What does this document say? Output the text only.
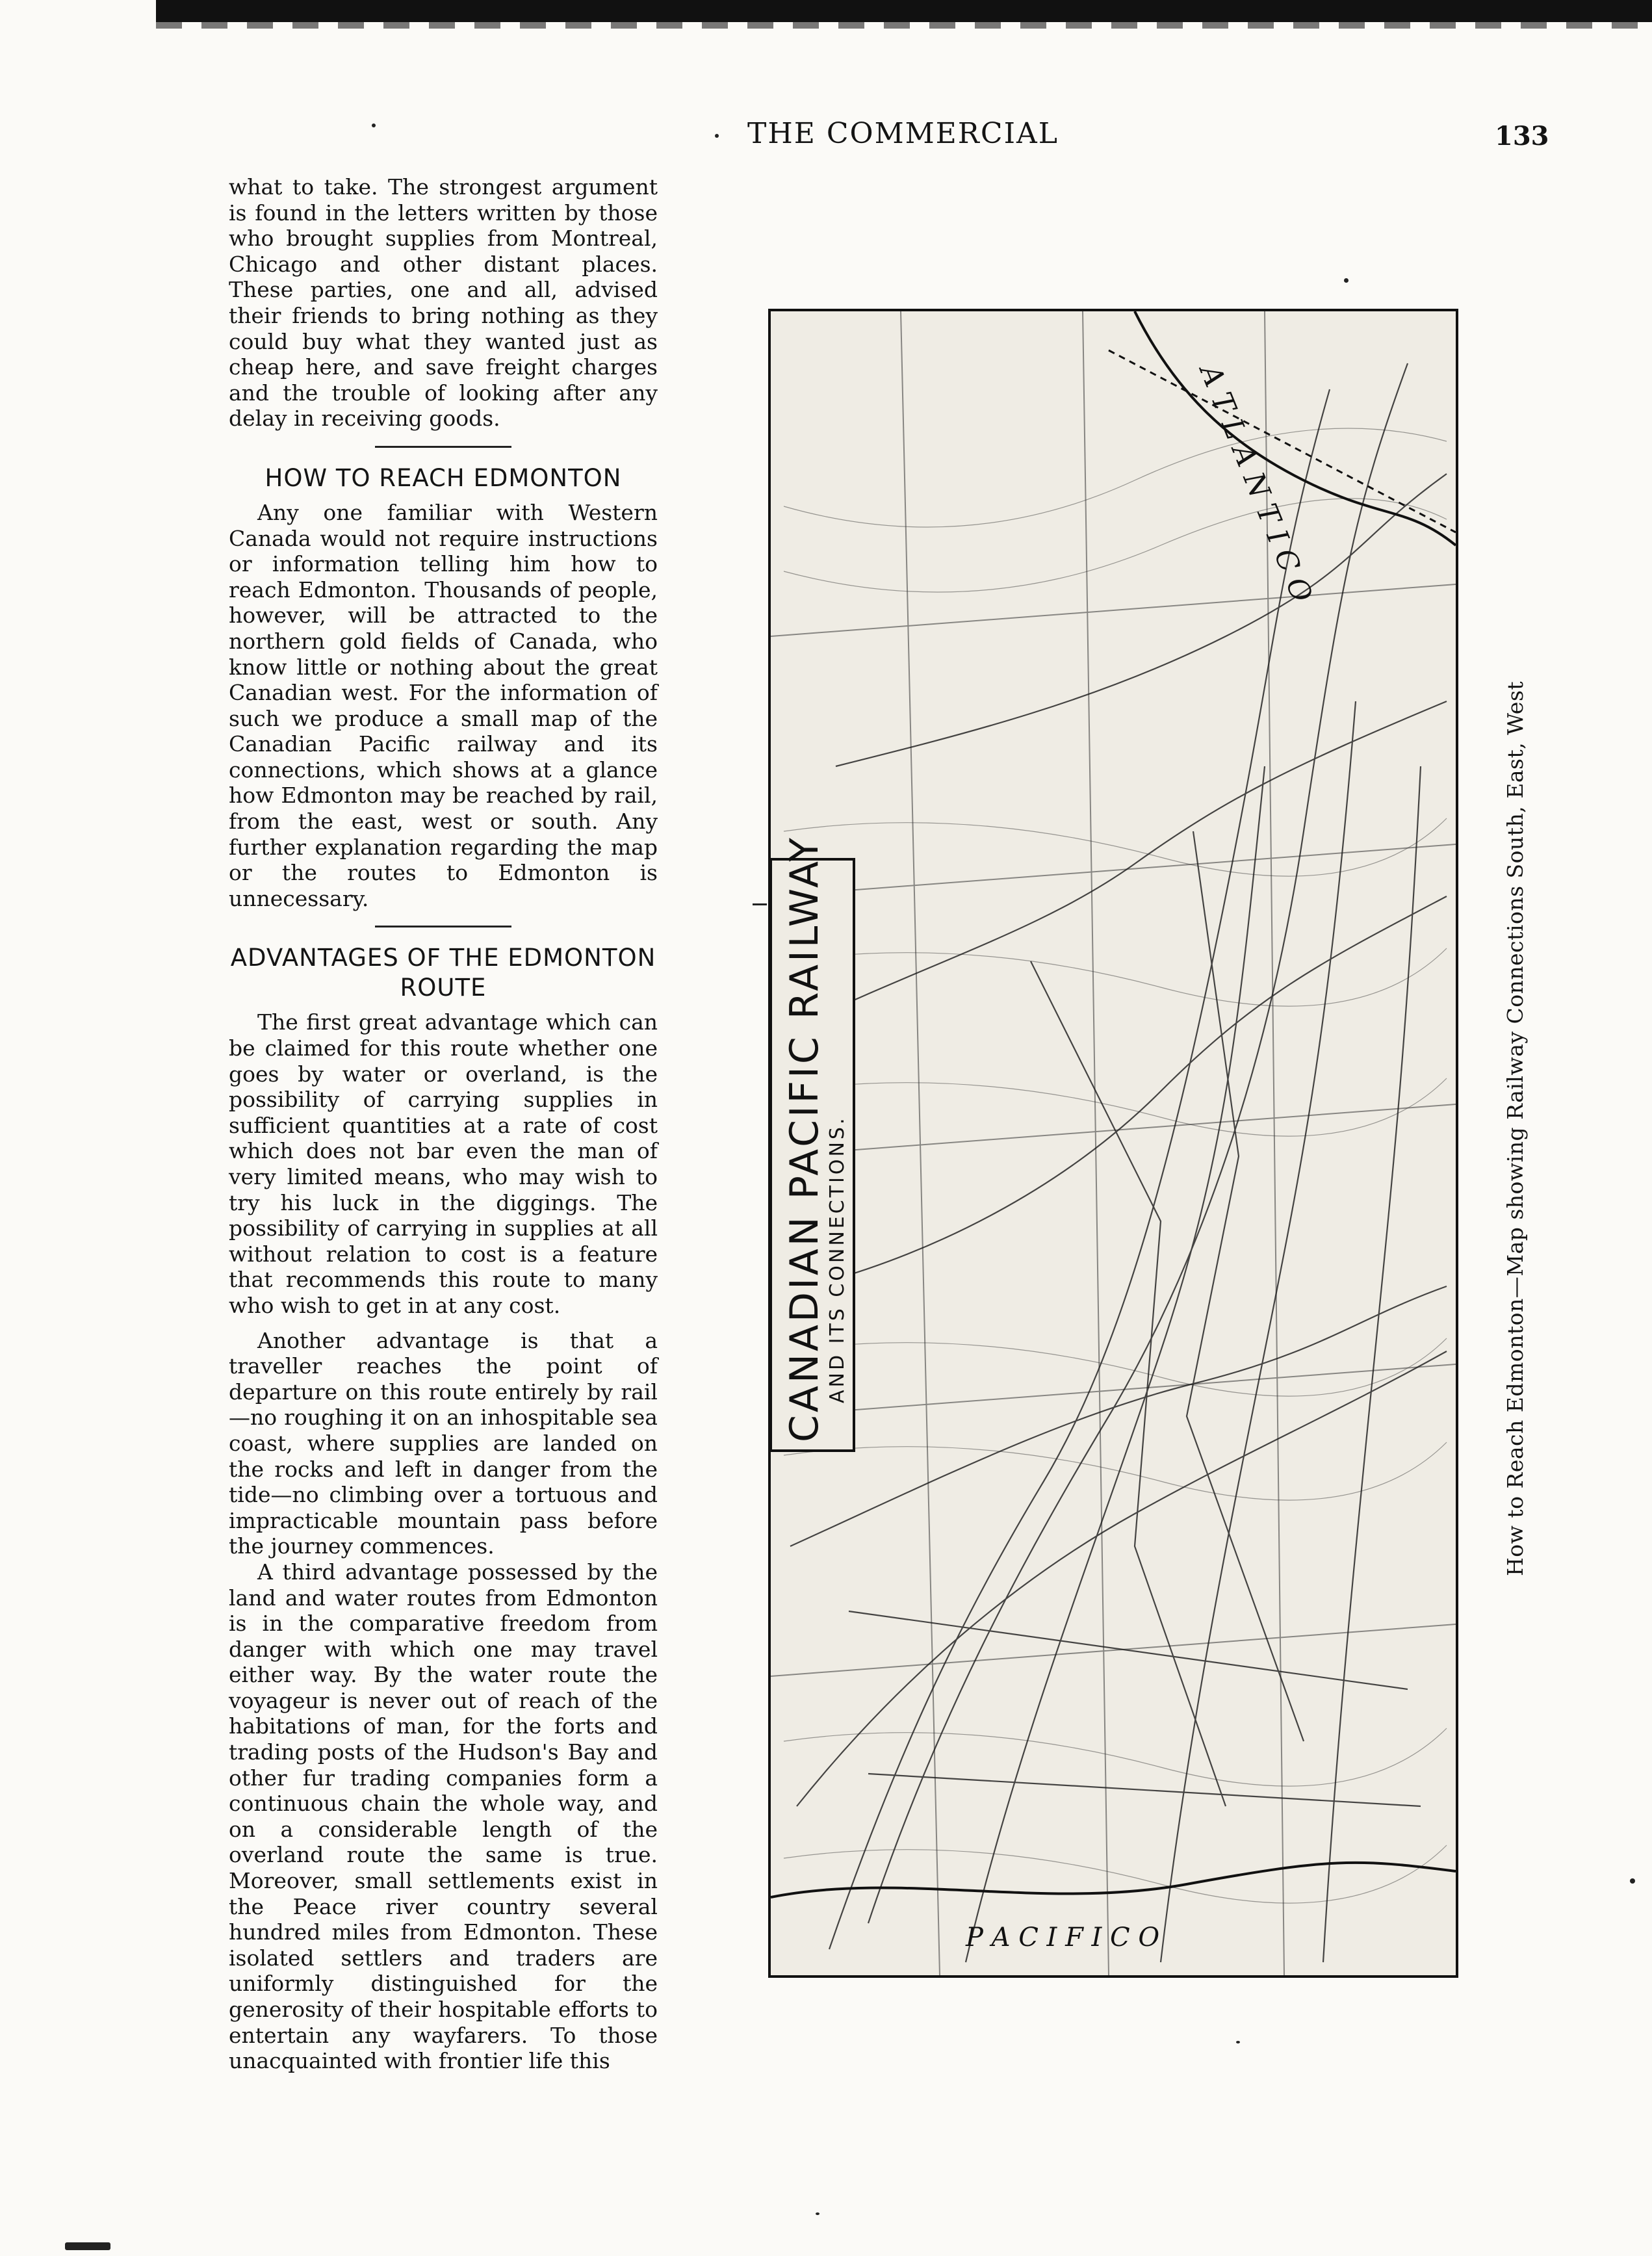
THE COMMERCIAL	133

what to take. The strongest argument is found in the letters written by those who brought supplies from Montreal, Chicago and other distant places. These parties, one and all, advised their friends to bring nothing as they could buy what they wanted just as cheap here, and save freight charges and the trouble of looking after any delay in receiving goods.

HOW TO REACH EDMONTON

Any one familiar with Western Canada would not require instructions or information telling him how to reach Edmonton. Thousands of people, however, will be attracted to the northern gold fields of Canada, who know little or nothing about the great Canadian west. For the information of such we produce a small map of the Canadian Pacific railway and its connections, which shows at a glance how Edmonton may be reached by rail, from the east, west or south. Any further explanation regarding the map or the routes to Edmonton is unnecessary.

ADVANTAGES OF THE EDMONTON ROUTE

The first great advantage which can be claimed for this route whether one goes by water or overland, is the possibility of carrying supplies in sufficient quantities at a rate of cost which does not bar even the man of very limited means, who may wish to try his luck in the diggings. The possibility of carrying in supplies at all without relation to cost is a feature that recommends this route to many who wish to get in at any cost.

Another advantage is that a traveller reaches the point of departure on this route entirely by rail—no roughing it on an inhospitable sea coast, where supplies are landed on the rocks and left in danger from the tide—no climbing over a tortuous and impracticable mountain pass before the journey commences.

A third advantage possessed by the land and water routes from Edmonton is in the comparative freedom from danger with which one may travel either way. By the water route the voyageur is never out of reach of the habitations of man, for the forts and trading posts of the Hudson's Bay and other fur trading companies form a continuous chain the whole way, and on a considerable length of the overland route the same is true. Moreover, small settlements exist in the Peace river country several hundred miles from Edmonton. These isolated settlers and traders are uniformly distinguished for the generosity of their hospitable efforts to entertain any wayfarers. To those unacquainted with frontier life this

A T L A N T I C O
P A C I F I C O
CANADIAN PACIFIC RAILWAY
AND ITS CONNECTIONS.	How to Reach Edmonton—Map showing Railway Connections South, East, West
